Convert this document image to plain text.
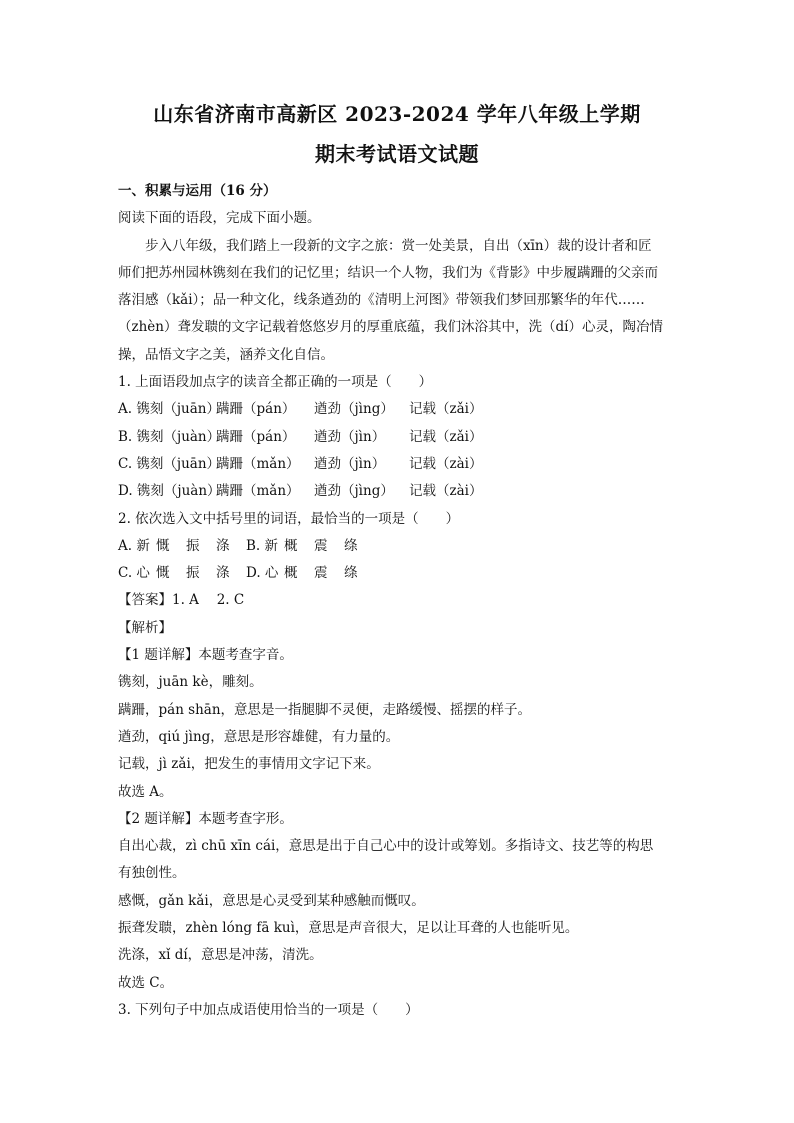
山东省济南市高新区 2023-2024 学年八年级上学期
期末考试语文试题
一、积累与运用（16 分）
阅读下面的语段，完成下面小题。
步入八年级，我们踏上一段新的文字之旅：赏一处美景，自出（xīn）裁的设计者和匠
师们把苏州园林镌刻在我们的记忆里；结识一个人物，我们为《背影》中步履蹒跚的父亲而
落泪感（kǎi）；品一种文化，线条遒劲的《清明上河图》带领我们梦回那繁华的年代……
（zhèn）聋发聩的文字记载着悠悠岁月的厚重底蕴，我们沐浴其中，洗（dí）心灵，陶冶情
操，品悟文字之美，涵养文化自信。
1. 上面语段加点字的读音全都正确的一项是（　　）
A. 镌刻（juān）蹒跚（pán） 遒劲（jìng） 记载（zǎi）
B. 镌刻（juàn）蹒跚（pán） 遒劲（jìn） 记载（zǎi）
C. 镌刻（juān）蹒跚（mǎn） 遒劲（jìn） 记载（zài）
D. 镌刻（juàn）蹒跚（mǎn） 遒劲（jìng） 记载（zài）
2. 依次选入文中括号里的词语，最恰当的一项是（　　）
A. 新 慨 振 涤 B. 新 概 震 绦
C. 心 慨 振 涤 D. 心 概 震 绦
【答案】1. A　 2. C
【解析】
【1 题详解】本题考查字音。
镌刻，juān kè，雕刻。
蹒跚，pán shān，意思是一指腿脚不灵便，走路缓慢、摇摆的样子。
遒劲，qiú jìng，意思是形容雄健，有力量的。
记载，jì zǎi，把发生的事情用文字记下来。
故选 A。
【2 题详解】本题考查字形。
自出心裁，zì chū xīn cái，意思是出于自己心中的设计或筹划。多指诗文、技艺等的构思
有独创性。
感慨，gǎn kǎi，意思是心灵受到某种感触而慨叹。
振聋发聩，zhèn lóng fā kuì，意思是声音很大，足以让耳聋的人也能听见。
洗涤，xǐ dí，意思是冲荡，清洗。
故选 C。
3. 下列句子中加点成语使用恰当的一项是（　　）
